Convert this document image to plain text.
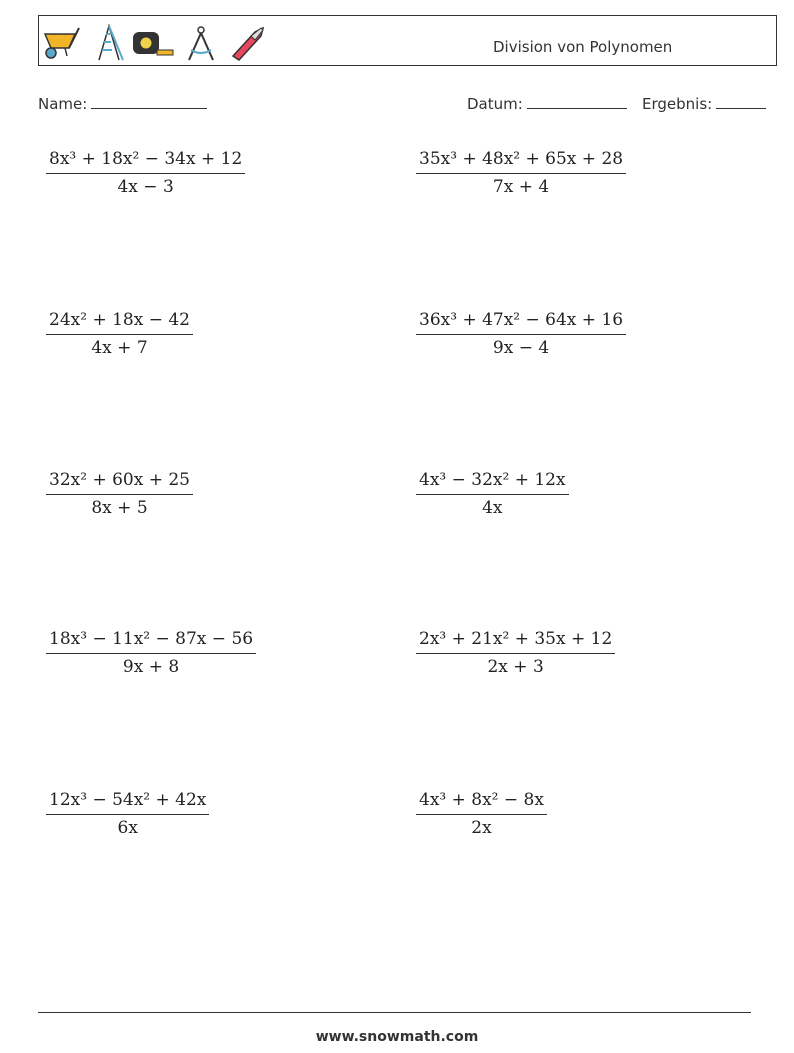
Division von Polynomen
Name:	Datum:	Ergebnis:
$\frac{\text{8x³ + 18x² − 34x + 12}}{4x - 3}$	$\frac{\text{35x³ + 48x² + 65x + 28}}{7x + 4}$
$\frac{\text{24x² + 18x − 42}}{4x + 7}$	$\frac{\text{36x³ + 47x² − 64x + 16}}{9x - 4}$
$\frac{\text{32x² + 60x + 25}}{8x + 5}$	$\frac{\text{4x³ − 32x² + 12x}}{4x}$
$\frac{\text{18x³ − 11x² − 87x − 56}}{9x + 8}$	$\frac{\text{2x³ + 21x² + 35x + 12}}{2x + 3}$
$\frac{\text{12x³ − 54x² + 42x}}{6x}$	$\frac{\text{4x³ + 8x² − 8x}}{2x}$
www.snowmath.com
